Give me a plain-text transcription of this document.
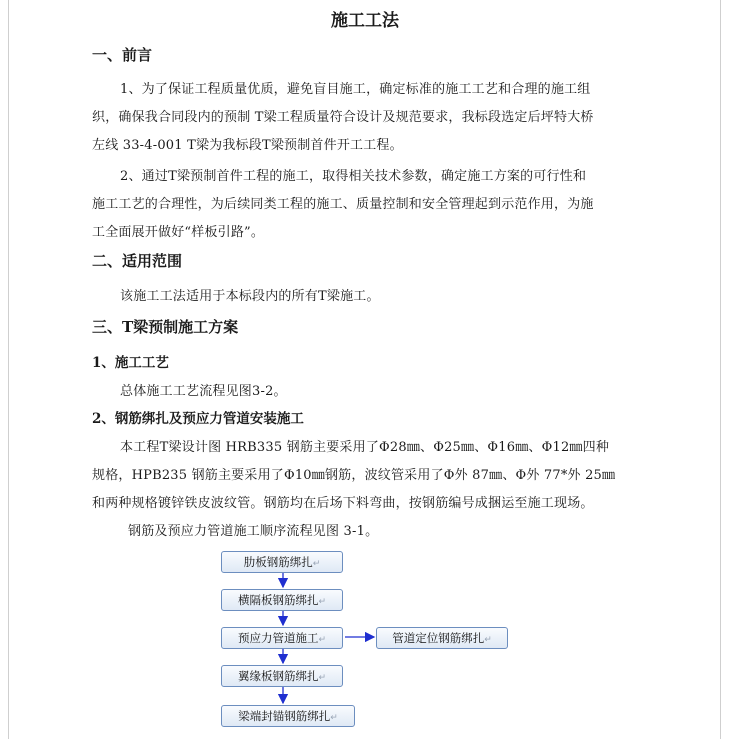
施工工法
一、前言
1、为了保证工程质量优质，避免盲目施工，确定标准的施工工艺和合理的施工组
织，确保我合同段内的预制 T梁工程质量符合设计及规范要求，我标段选定后坪特大桥
左线 33-4-001 T梁为我标段T梁预制首件开工工程。
2、通过T梁预制首件工程的施工，取得相关技术参数，确定施工方案的可行性和
施工工艺的合理性，为后续同类工程的施工、质量控制和安全管理起到示范作用，为施
工全面展开做好“样板引路”。
二、适用范围
该施工工法适用于本标段内的所有T梁施工。
三、T梁预制施工方案
1、施工工艺
总体施工工艺流程见图3-2。
2、钢筋绑扎及预应力管道安装施工
本工程T梁设计图 HRB335 钢筋主要采用了Φ28㎜、Φ25㎜、Φ16㎜、Φ12㎜四种
规格，HPB235 钢筋主要采用了Φ10㎜钢筋，波纹管采用了Φ外 87㎜、Φ外 77*外 25㎜
和两种规格镀锌铁皮波纹管。钢筋均在后场下料弯曲，按钢筋编号成捆运至施工现场。
钢筋及预应力管道施工顺序流程见图 3-1。
肋板钢筋绑扎↵
横隔板钢筋绑扎↵
预应力管道施工↵
翼缘板钢筋绑扎↵
梁端封锚钢筋绑扎↵
管道定位钢筋绑扎↵
